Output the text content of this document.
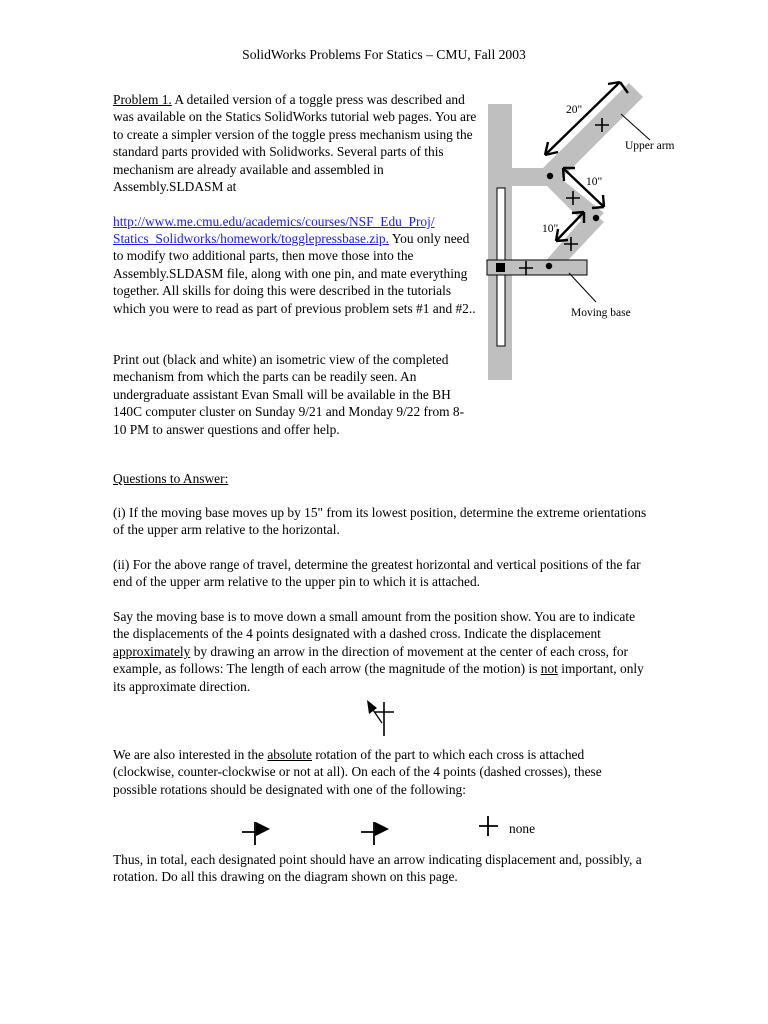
SolidWorks Problems For Statics – CMU, Fall 2003
Problem 1. A detailed version of a toggle press was described and was available on the Statics SolidWorks tutorial web pages. You are to create a simpler version of the toggle press mechanism using the standard parts provided with Solidworks. Several parts of this mechanism are already available and assembled in Assembly.SLDASM at
http://www.me.cmu.edu/academics/courses/NSF_Edu_Proj/
Statics_Solidworks/homework/togglepressbase.zip. You only need to modify two additional parts, then move those into the Assembly.SLDASM file, along with one pin, and mate everything together. All skills for doing this were described in the tutorials which you were to read as part of previous problem sets #1 and #2..
Print out (black and white) an isometric view of the completed mechanism from which the parts can be readily seen. An undergraduate assistant Evan Small will be available in the BH 140C computer cluster on Sunday 9/21 and Monday 9/22 from 8-10 PM to answer questions and offer help.
Questions to Answer:
(i) If the moving base moves up by 15" from its lowest position, determine the extreme orientations of the upper arm relative to the horizontal.
(ii) For the above range of travel, determine the greatest horizontal and vertical positions of the far end of the upper arm relative to the upper pin to which it is attached.
Say the moving base is to move down a small amount from the position show. You are to indicate the displacements of the 4 points designated with a dashed cross. Indicate the displacement approximately by drawing an arrow in the direction of movement at the center of each cross, for example, as follows: The length of each arrow (the magnitude of the motion) is not important, only its approximate direction.
We are also interested in the absolute rotation of the part to which each cross is attached (clockwise, counter-clockwise or not at all). On each of the 4 points (dashed crosses), these possible rotations should be designated with one of the following:
none
Thus, in total, each designated point should have an arrow indicating displacement and, possibly, a rotation. Do all this drawing on the diagram shown on this page.
20"
10"
10"
Upper arm
Moving base
